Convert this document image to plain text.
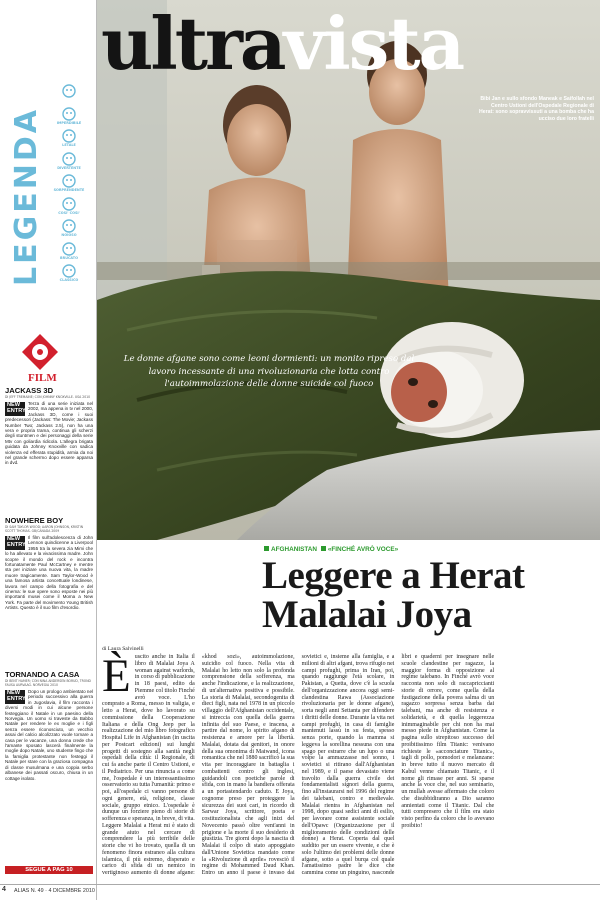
LEGENDA	IMPERDIBILE
LETALE
DIVERTENTE
SORPRENDENTE
COSI' COSI'
NOIOSO
BRUCATO
CLASSICO
FILM
JACKASS 3D
DI JEFF TREMAINE; CON JOHNNY KNOXVILLE. USA 2010
NEW ENTRY
Terza di una serie iniziata nel 2002, ma appena in tv nel 2000, Jackass 3D, come i suoi predecessori (Jackass: The Movie; Jackass Number Two; Jackass 2.5), non ha una vera e propria trama, continua gli scherzi degli stuntmen e dei personaggi della serie Mtv con goliardia ridicola. L'allegra brigata guidata da Johnny Knoxville con sadica violenza ed efferata stupidità, armia da noi nel grande schermo dopo essere apparsa in dvd.
NOWHERE BOY
DI SAM TAYLOR WOOD; AARON JOHNSON, KRISTIN SCOTT THOMAS. GB/CANADA 2009
NEW ENTRY
Il film sull'adolescenza di John Lennon quindicenne a Liverpool 1955 tra la severa zia Mimi che lo ha allevato e la vivacissima madre. John scopre il mondo del rock e incontra fortunatamente Paul McCartney e mentre sta per iniziare una nuova vita, la madre muore tragicamente. Sam Taylor-Wood è una famosa artista concettuale londinese, lavora nel campo della fotografia e del cinema: le sue opere sono esposte nei più importanti musei come il Moma a New York. Fa parte del movimento Young British Artists. Questo è il suo film d'esordio.
TORNANDO A CASA
DI BENT HAMER; CON NINA ANDERSEN BORUD, TROND FAUSA AURVAAG. NORVEGIA 2010
NEW ENTRY
Dopo un prologo ambientato nel periodo successivo alla guerra in Jugoslavia, il film racconta i diversi modi in cui alcune persone festeggiano il Natale in un paesino della Norvegia. Un uomo si traveste da Babbo Natale per rendere le ex moglie e i figli senza essere riconosciuto, un vecchio assai del calcio alcolizzato vuole tornare a casa per le vacanze, una donna crede che l'amante sposato lascerà finalmente la moglie dopo Natale, uno studente fingo che la famiglia protestante non festeggi il Natale per stare con la graziosa compagna di classe musulmana e una coppia serbo albanese dei passati oscuro, chiusa in un cottage isolato.
SEGUE A PAG 10
ultravista
Bibi Jan e sullo sfondo Maneak e Saifollah nel Centro Ustioni dell'Ospedale Regionale di Herat: sono sopravvissuti a una bomba che ha ucciso due loro fratelli
Le donne afgane sono come leoni dormienti: un monito ripreso dal lavoro incessante di una rivoluzionaria che lotta contro l'autoimmolazione delle donne suicide col fuoco
AFGHANISTAN «FINCHÉ AVRÒ VOCE»
Leggere a Herat Malalai Joya
di Laura Salvinelli
È uscito anche in Italia il libro di Malalai Joya A woman against warlords, in corso di pubblicazione in 18 paesi, edito da Piemme col titolo Finché avrò voce. L'ho comprato a Roma, messo in valigia, e letto a Herat, dove ho lavorato su commissione della Cooperazione Italiana e della Ong Jeep per la realizzazione del mio libro fotografico Hospital Life in Afghanistan (in uscita per Postcart edizioni) sui lunghi progetti di sostegno alla sanità negli ospedali della città: il Regionale, di cui fa anche parte il Centro Ustioni, e il Pediatrico. Per una rinuncia a come me, l'ospedale è un interessantissimo osservatorio su tutta l'umanità: primo e poi, all'ospedale ci vanno persone di ogni genere, età, religione, classe sociale, gruppo etnico. L'ospedale è dunque un forziere pieno di storie di sofferenza e speranza, in breve, di vita. Leggere Malalai a Herat mi è stato di grande aiuto nel cercare di comprendere la più terribile delle storie che vi ho trovato, quella di un fenomeno finora estraneo alla cultura islamica, il più estremo, disperato e carico di sfida di un nemico in vertiginoso aumento di donne afgane: «khod sozi», autoimmolazione, suicidio col fuoco. Nella vita di Malalai ho letto non solo la profonda comprensione della sofferenza, ma anche l'indicazione, e la realizzazione, di un'alternativa positiva e possibile. La storia di Malalai, secondogenita di dieci figli, nata nel 1978 in un piccolo villaggio dell'Afghanistan occidentale, si intreccia con quella della guerra infinita del suo Paese, e inscena, a partire dal nome, lo spirito afgano di resistenza e amore per la libertà. Malalai, dotata dai genitori, in onore della sua omonima di Maiwand, icona romantica che nel 1880 sacrificò la sua vita per incoraggiare in battaglia i combattenti contro gli inglesi, guidandoli con poetiche parole di sfida, con in mano la bandiera offerata a un portastendardo caduto. E Joya, cognome preso per proteggere la sicurezza dei suoi cari, in ricordo di Sarwar Joya, scrittore, poeta e costituzionalista che agli inizi del Novecento passò oltre vent'anni in prigione e la morte il suo desiderio di giustizia. Tre giorni dopo la nascita di Malalai il colpo di stato appoggiato dall'Unione Sovietica mandato come la «Rivoluzione di aprile» rovesciò il regime di Mohammed Daud Khan. Entro un anno il paese è invaso dai sovietici e, insieme alla famiglia, e a milioni di altri afgani, trova rifugio nei campi profughi, prima in Iran, poi, quando raggiunge l'età scolare, in Pakistan, a Quetta, dove c'è la scuola dell'organizzazione ancora oggi semi-clandestina Rawa (Associazione rivoluzionaria per le donne afgane), sorta negli anni Settanta per difendere i diritti delle donne. Durante la vita nei campi profughi, in casa di famiglie mantenuti lassù in su festa, spesso senza porte, quando la mamma si leggeva la sorellina nessuna con una spago per estrarre che un lupo o una volpe la ammazzasse nel sonno, i sovietici si ritirano dall'Afghanistan nel 1989, e il paese devastato viene travolto dalla guerra civile dei fondamentalisti signori della guerra, fino all'instaurarsi nel 1996 del regime dei talebani, contro e medievale. Malalai rientra in Afghanistan nel 1998, dopo quasi sedici anni di esilio, per lavorare come assistente sociale dell'Opawc (Organizzazione per il miglioramento delle condizioni delle donne) a Herat. Coperta dal quel suddito per un essere vivente, e che è solo l'ultimo dei problemi delle donne afgane, sotto a quel burqa col quale l'amatissimo padre le dice che cammina come un pinguino, nasconde libri e quaderni per insegnare nelle scuole clandestine per ragazze, la maggior forma di opposizione al regime talebano. In Finché avrò voce racconta non solo di raccapriccianti storie di orrore, come quella della fustigazione della povera salma di un ragazzo sorpresa senza barba dai talebani, ma anche di resistenza e solidarietà, e di quella leggerezza inimmaginabile per chi non ha mai messo piede in Afghanistan. Come la pagina sullo strepitoso successo del proibitissimo film Titanic: venivano richieste le «acconciature Titanic», tagli di pollo, pomodori e melanzane: in breve tutto il nuovo mercato di Kabul venne chiamato Titanic, e il nome gli rimase per anni. Si sparse anche la voce che, nel suo seminario, un mullah avesse affermato che coloro che disubbidiranno a Dio saranno annientati come il Titanic. Dal che tutti compresero che il film era stato visto perfino da coloro che lo avevano proibito!
4 ALIAS N. 49 · 4 DICEMBRE 2010
